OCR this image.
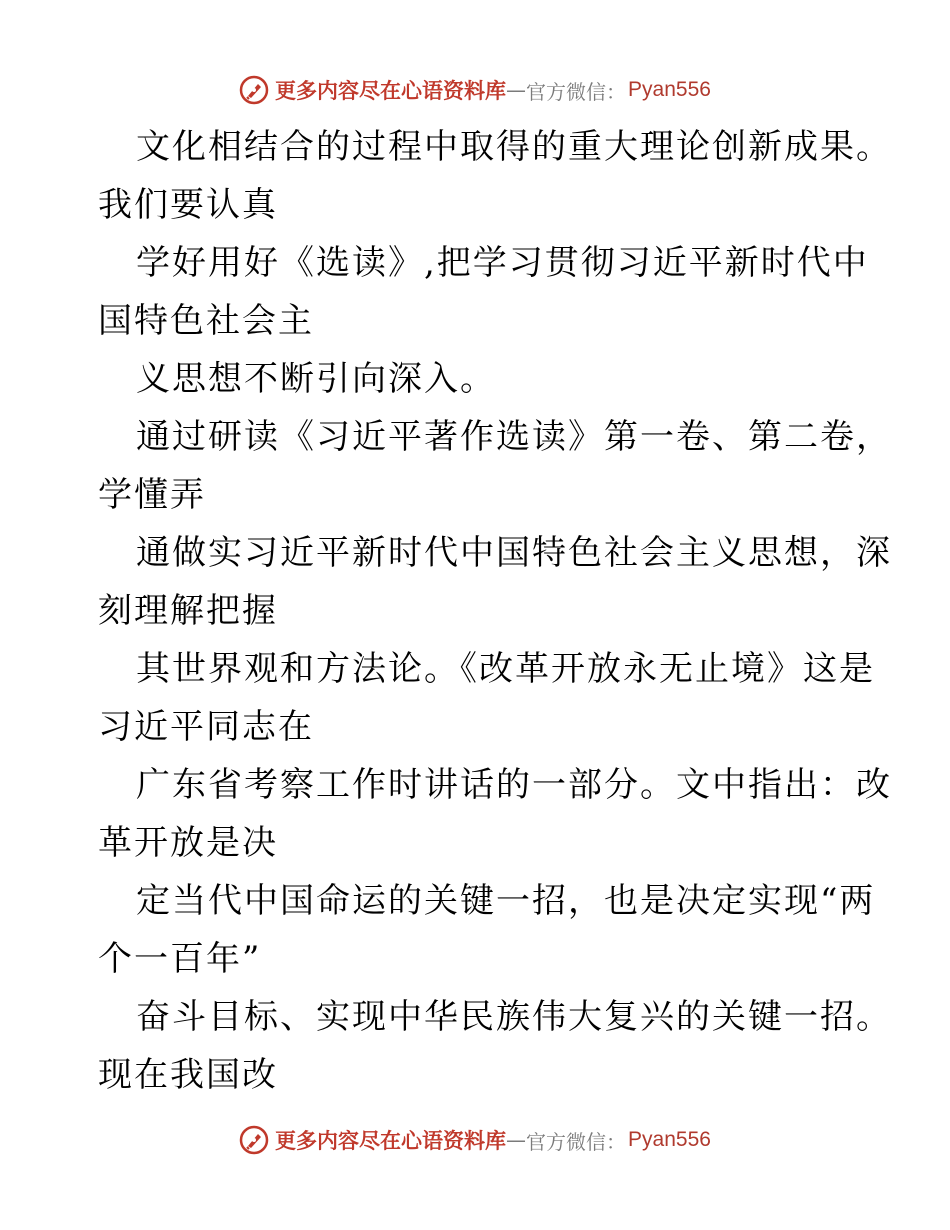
更多内容尽在心语资料库 — 官方微信： Pyan556
文化相结合的过程中取得的重大理论创新成果。
我们要认真
学好用好《选读》,把学习贯彻习近平新时代中
国特色社会主
义思想不断引向深入。
通过研读《习近平著作选读》第一卷、第二卷，
学懂弄
通做实习近平新时代中国特色社会主义思想，深
刻理解把握
其世界观和方法论。《改革开放永无止境》这是
习近平同志在
广东省考察工作时讲话的一部分。文中指出：改
革开放是决
定当代中国命运的关键一招，也是决定实现“两
个一百年”
奋斗目标、实现中华民族伟大复兴的关键一招。
现在我国改
更多内容尽在心语资料库 — 官方微信： Pyan556
